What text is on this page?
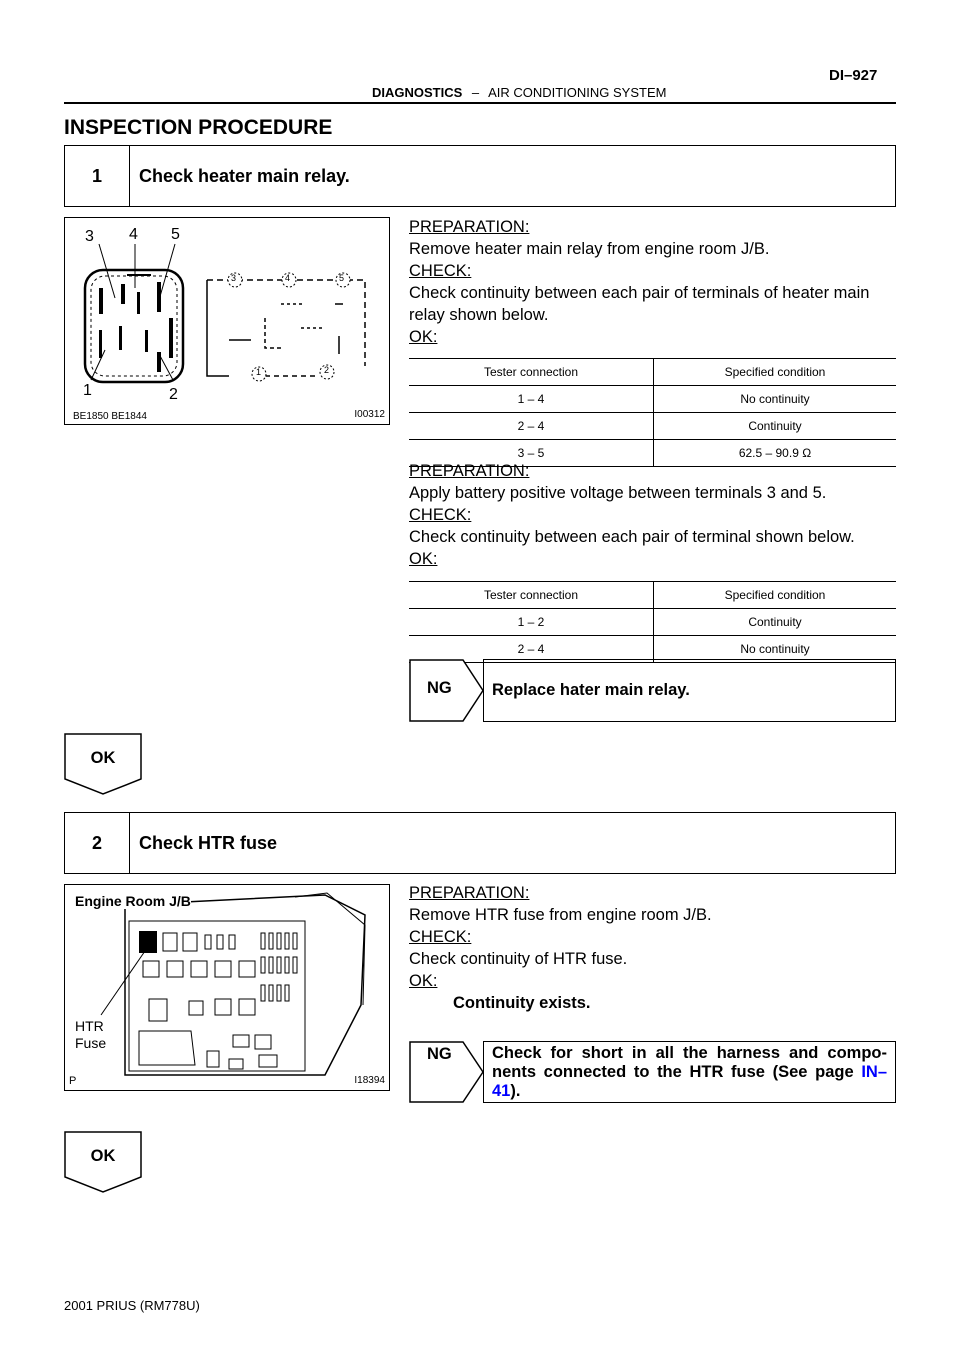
DI–927
DIAGNOSTICS – AIR CONDITIONING SYSTEM
INSPECTION PROCEDURE
1	Check heater main relay.
3 4 5
1	2
3	4	5
1	2
BE1850 BE1844	I00312
PREPARATION:
Remove heater main relay from engine room J/B.
CHECK:
Check continuity between each pair of terminals of heater main relay shown below.
OK:
Tester connection	Specified condition
1 – 4	No continuity
2 – 4	Continuity
3 – 5	62.5 – 90.9 Ω
PREPARATION:
Apply battery positive voltage between terminals 3 and 5.
CHECK:
Check continuity between each pair of terminal shown below.
OK:
Tester connection	Specified condition
1 – 2	Continuity
2 – 4	No continuity
NG	Replace hater main relay.
OK
2	Check HTR fuse
Engine Room J/B
HTR
Fuse
P	I18394
PREPARATION:
Remove HTR fuse from engine room J/B.
CHECK:
Check continuity of HTR fuse.
OK:
Continuity exists.
NG Check for short in all the harness and compo- nents connected to the HTR fuse (See page IN–41).
OK
2001 PRIUS (RM778U)
